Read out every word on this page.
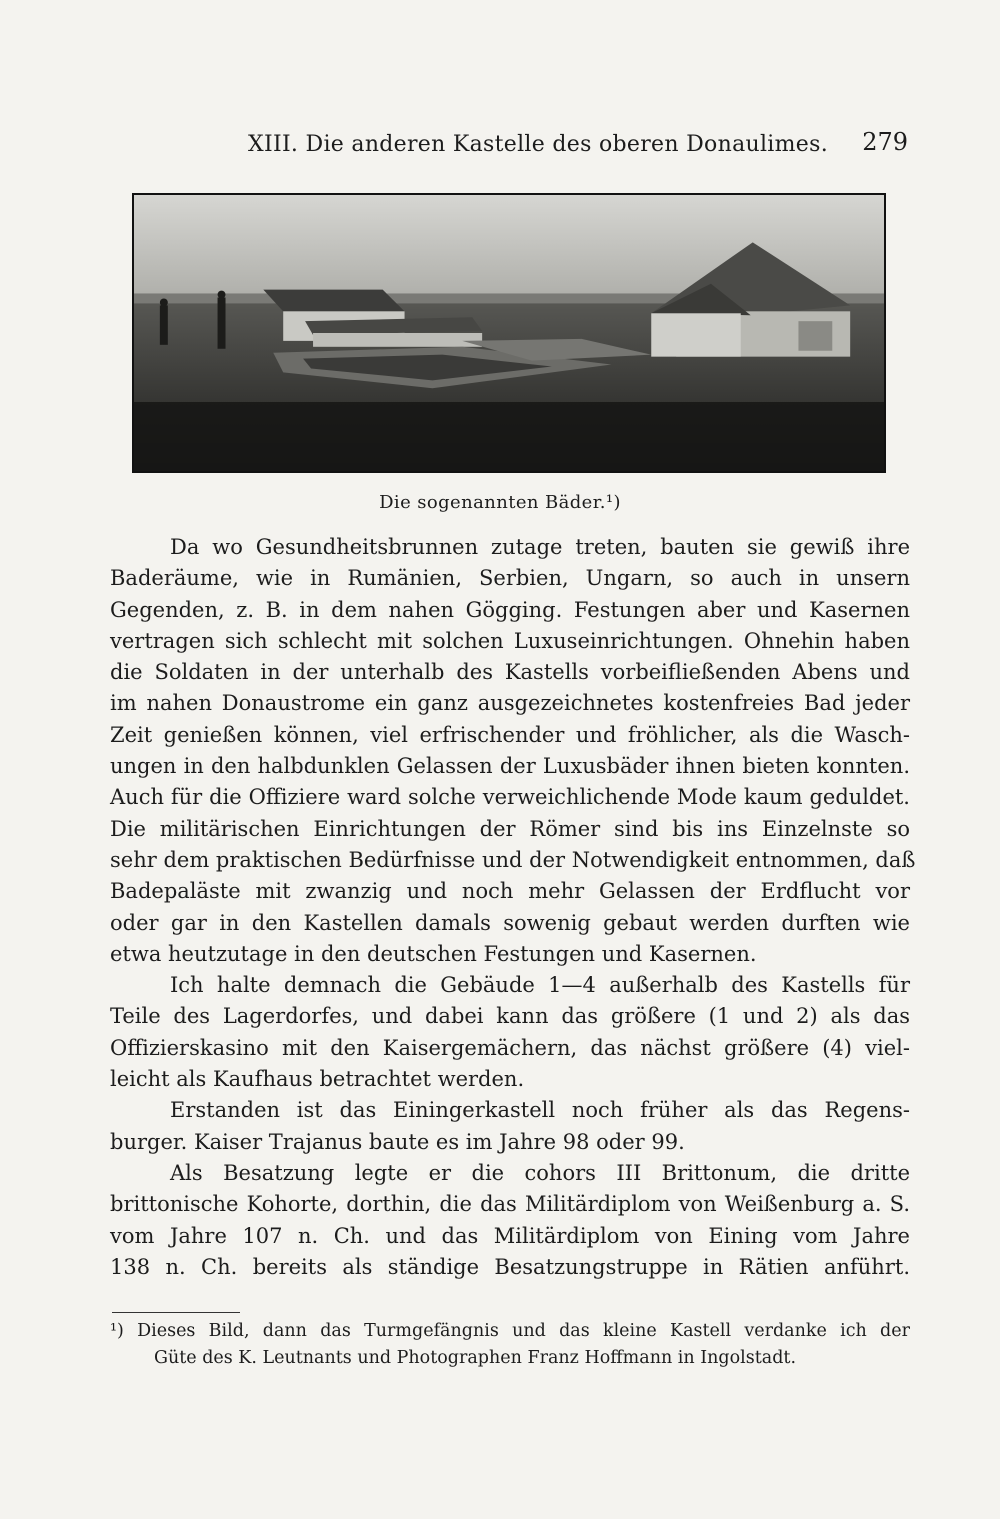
XIII. Die anderen Kastelle des oberen Donaulimes. 279
Die sogenannten Bäder.¹)
Da wo Gesundheitsbrunnen zutage treten, bauten sie gewiß ihre
Baderäume, wie in Rumänien, Serbien, Ungarn, so auch in unsern
Gegenden, z. B. in dem nahen Gögging. Festungen aber und Kasernen
vertragen sich schlecht mit solchen Luxuseinrichtungen. Ohnehin haben
die Soldaten in der unterhalb des Kastells vorbeifließenden Abens und
im nahen Donaustrome ein ganz ausgezeichnetes kostenfreies Bad jeder
Zeit genießen können, viel erfrischender und fröhlicher, als die Wasch-
ungen in den halbdunklen Gelassen der Luxusbäder ihnen bieten konnten.
Auch für die Offiziere ward solche verweichlichende Mode kaum geduldet.
Die militärischen Einrichtungen der Römer sind bis ins Einzelnste so
sehr dem praktischen Bedürfnisse und der Notwendigkeit entnommen, daß
Badepaläste mit zwanzig und noch mehr Gelassen der Erdflucht vor
oder gar in den Kastellen damals sowenig gebaut werden durften wie
etwa heutzutage in den deutschen Festungen und Kasernen.
Ich halte demnach die Gebäude 1—4 außerhalb des Kastells für
Teile des Lagerdorfes, und dabei kann das größere (1 und 2) als das
Offizierskasino mit den Kaisergemächern, das nächst größere (4) viel-
leicht als Kaufhaus betrachtet werden.
Erstanden ist das Einingerkastell noch früher als das Regens-
burger. Kaiser Trajanus baute es im Jahre 98 oder 99.
Als Besatzung legte er die cohors III Brittonum, die dritte
brittonische Kohorte, dorthin, die das Militärdiplom von Weißenburg a. S.
vom Jahre 107 n. Ch. und das Militärdiplom von Eining vom Jahre
138 n. Ch. bereits als ständige Besatzungstruppe in Rätien anführt.
¹) Dieses Bild, dann das Turmgefängnis und das kleine Kastell verdanke ich der
Güte des K. Leutnants und Photographen Franz Hoffmann in Ingolstadt.
